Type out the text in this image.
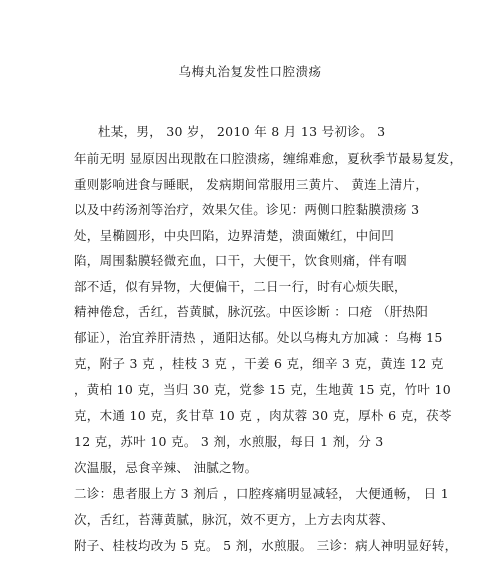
乌梅丸治复发性口腔溃疡
杜某，男， 30 岁， 2010 年 8 月 13 号初诊。 3
年前无明 显原因出现散在口腔溃疡，缠绵难愈，夏秋季节最易复发，
重则影响进食与睡眠， 发病期间常服用三黄片、 黄连上清片，
以及中药汤剂等治疗，效果欠佳。诊见：两侧口腔黏膜溃疡 3
处，呈椭圆形，中央凹陷，边界清楚，溃面嫩红，中间凹
陷，周围黏膜轻微充血，口干，大便干，饮食则痛，伴有咽
部不适，似有异物，大便偏干，二日一行，时有心烦失眠，
精神倦怠，舌红，苔黄腻，脉沉弦。中医诊断 ：口疮 （肝热阳
郁证），治宜养肝清热 ，通阳达郁。处以乌梅丸方加减 ：乌梅 15
克，附子 3 克 ，桂枝 3 克 ，干姜 6 克，细辛 3 克，黄连 12 克
，黄柏 10 克，当归 30 克，党参 15 克，生地黄 15 克，竹叶 10
克，木通 10 克，炙甘草 10 克 ，肉苁蓉 30 克，厚朴 6 克，茯苓
12 克，苏叶 10 克。 3 剂，水煎服，每日 1 剂，分 3
次温服，忌食辛辣、 油腻之物。
二诊：患者服上方 3 剂后 ，口腔疼痛明显减轻， 大便通畅， 日 1
次，舌红，苔薄黄腻，脉沉，效不更方，上方去肉苁蓉、
附子、桂枝均改为 5 克。 5 剂，水煎服。 三诊：病人神明显好转，
